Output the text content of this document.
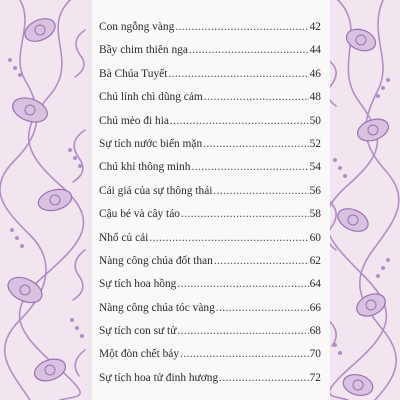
Con ngỗng vàng .....	42
Bầy chim thiên nga .....	44
Bà Chúa Tuyết .....	46
Chú lính chì dũng cảm .....	48
Chú mèo đi hia .....	50
Sự tích nước biển mặn .....	52
Chú khỉ thông minh .....	54
Cái giá của sự thông thái .....	56
Cậu bé và cây táo .....	58
Nhổ củ cải .....	60
Nàng công chúa đốt than .....	62
Sự tích hoa hồng .....	64
Nàng công chúa tóc vàng .....	66
Sự tích con sư tử .....	68
Một đòn chết bảy .....	70
Sự tích hoa tử đinh hương .....	72
